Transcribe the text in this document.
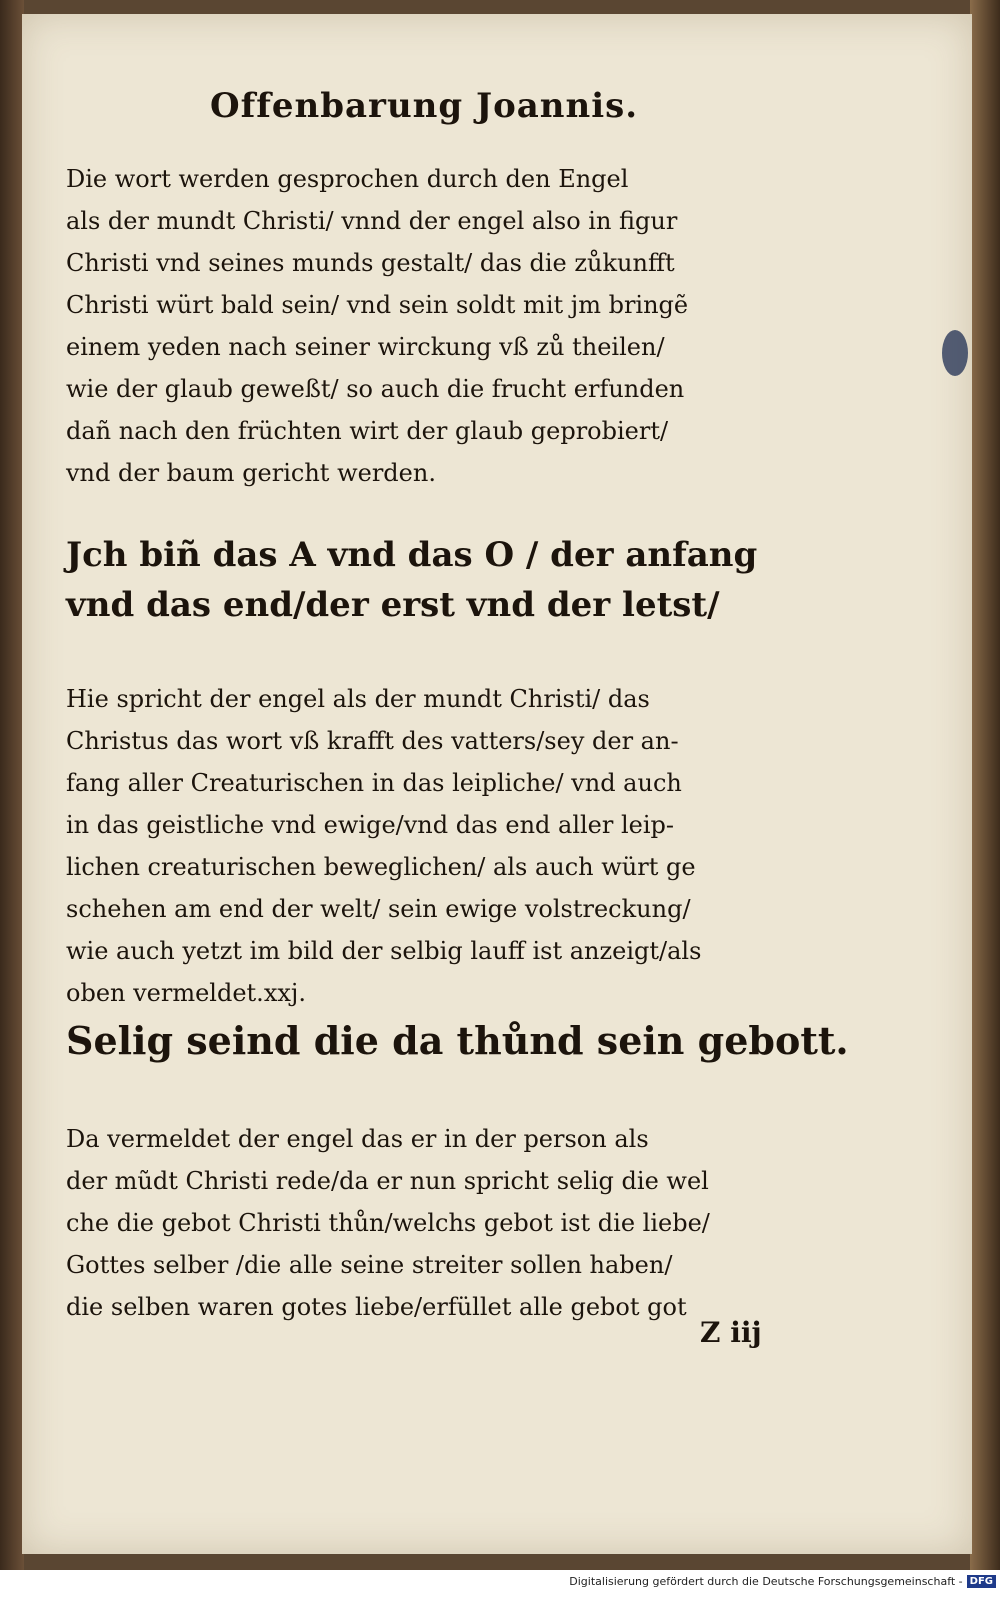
Offenbarung Joannis.
Die wort werden gesprochen durch den Engel
als der mundt Christi/ vnnd der engel also in figur
Christi vnd seines munds gestalt/ das die zůkunfft
Christi würt bald sein/ vnd sein soldt mit jm bringẽ
einem yeden nach seiner wirckung vß zů theilen/
wie der glaub geweßt/ so auch die frucht erfunden
dañ nach den früchten wirt der glaub geprobiert/
vnd der baum gericht werden.
Jch biñ das A vnd das O / der anfang
vnd das end/der erst vnd der letst/
Hie spricht der engel als der mundt Christi/ das
Christus das wort vß krafft des vatters/sey der an-
fang aller Creaturischen in das leipliche/ vnd auch
in das geistliche vnd ewige/vnd das end aller leip-
lichen creaturischen beweglichen/ als auch würt ge
schehen am end der welt/ sein ewige volstreckung/
wie auch yetzt im bild der selbig lauff ist anzeigt/als
oben vermeldet.xxj.
Selig seind die da thůnd sein gebott.
Da vermeldet der engel das er in der person als
der mũdt Christi rede/da er nun spricht selig die wel
che die gebot Christi thůn/welchs gebot ist die liebe/
Gottes selber /die alle seine streiter sollen haben/
die selben waren gotes liebe/erfüllet alle gebot got
Z iij
Digitalisierung gefördert durch die Deutsche Forschungsgemeinschaft - DFG
